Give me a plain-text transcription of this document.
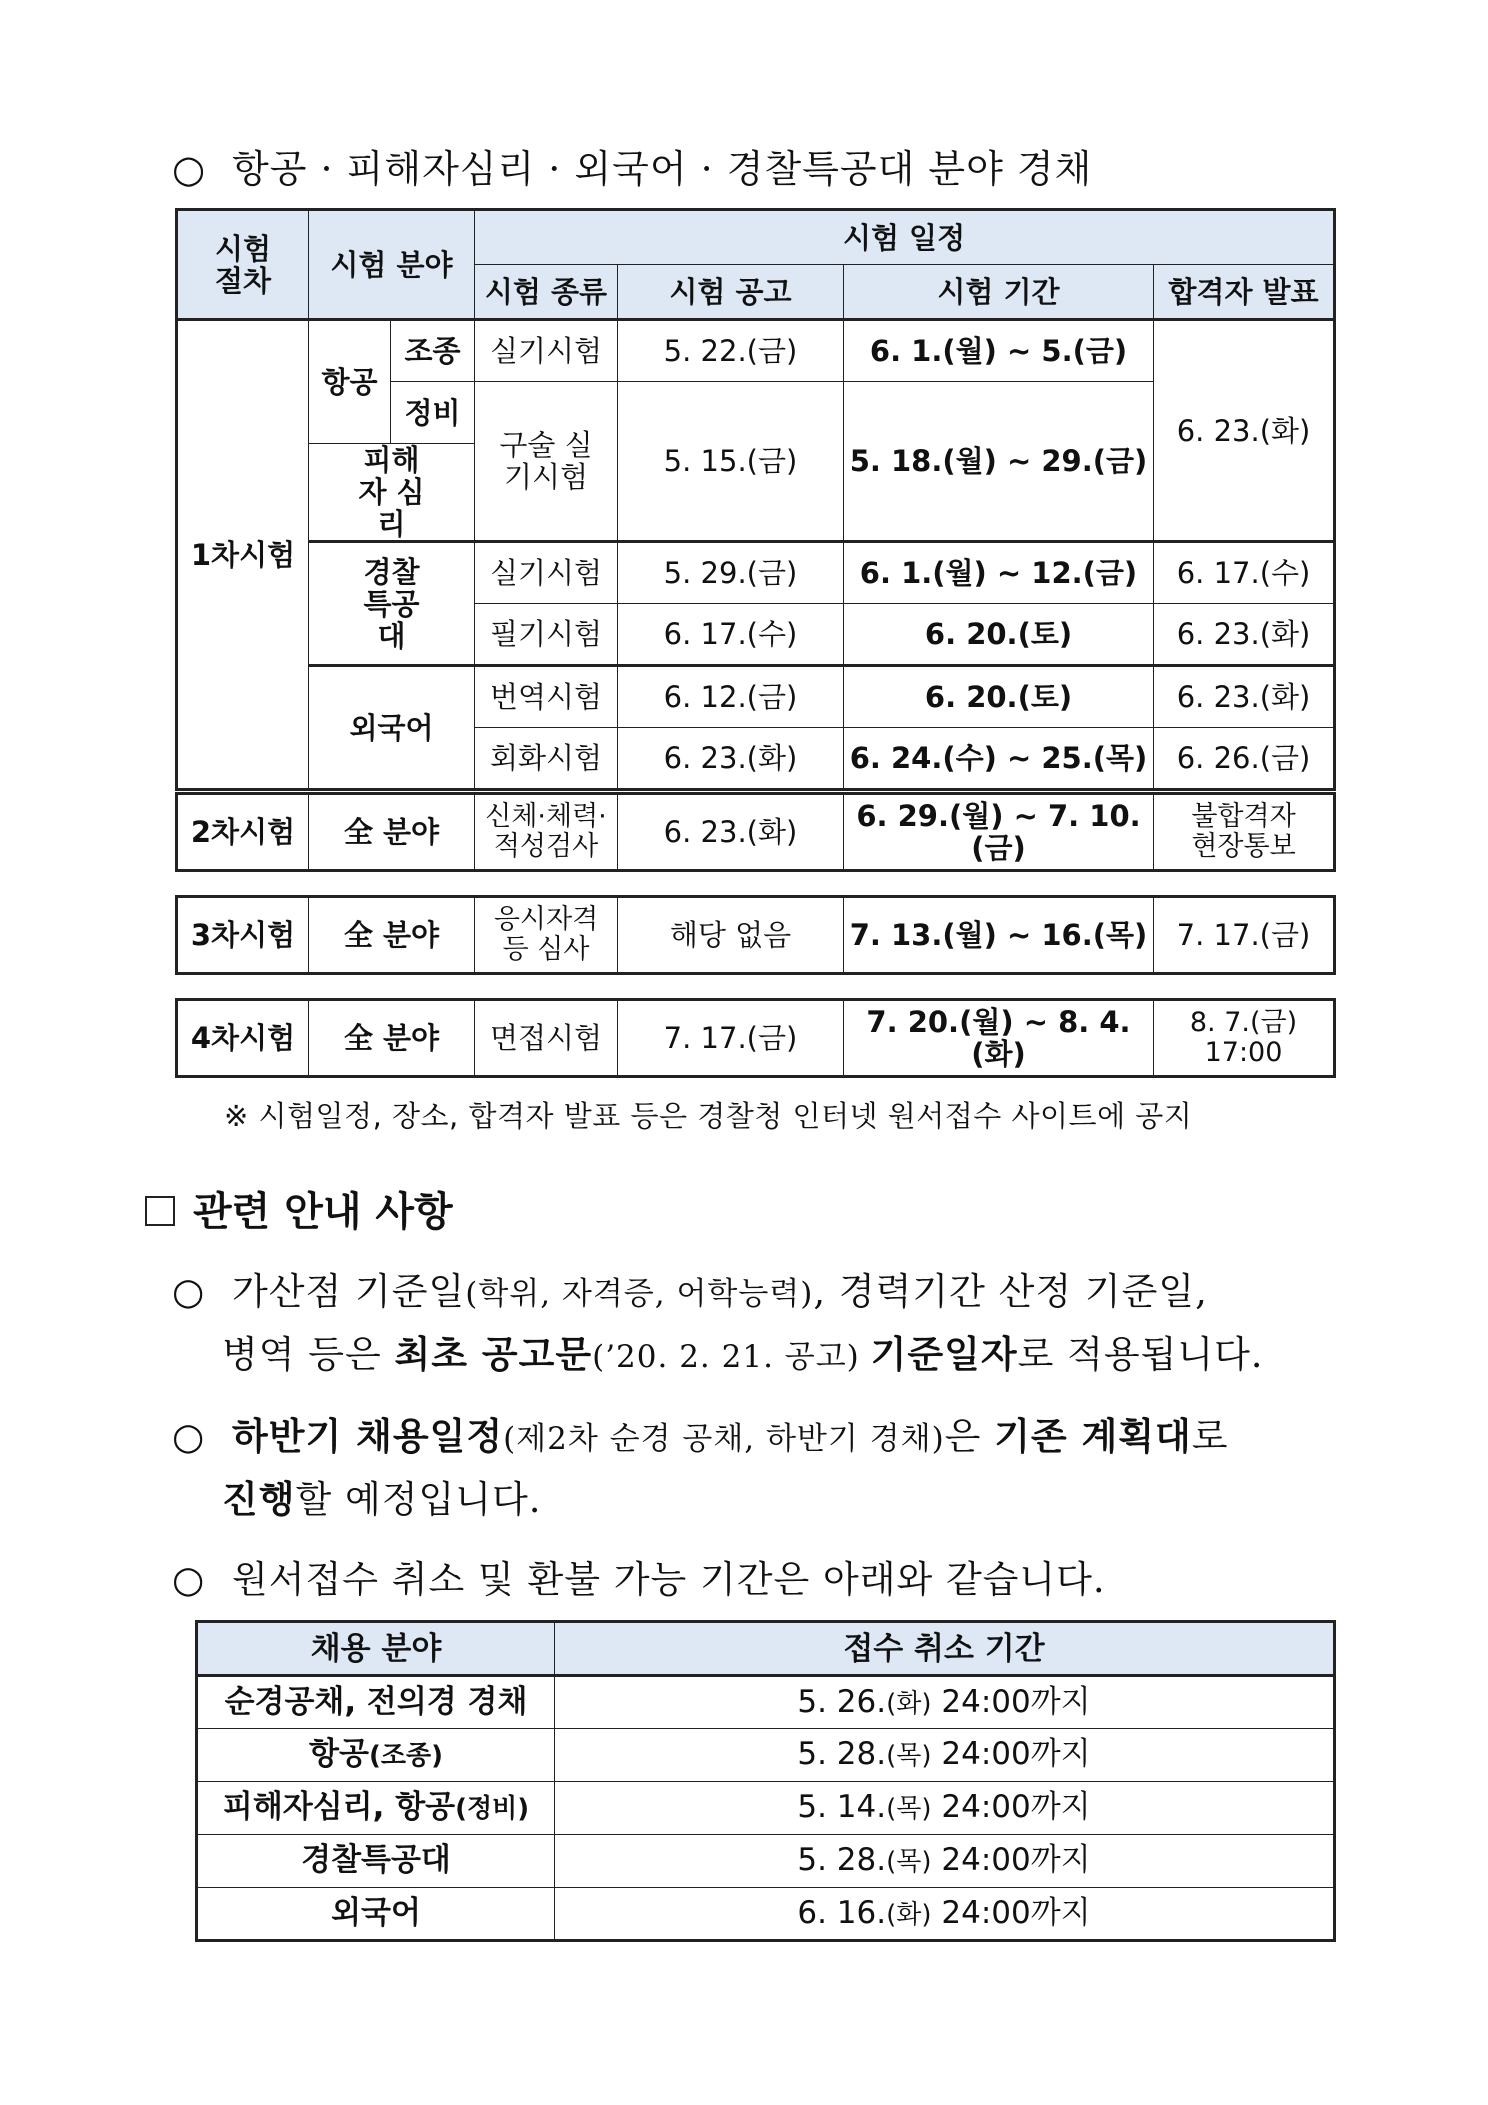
○ 항공 · 피해자심리 · 외국어 · 경찰특공대 분야 경채
시험 절차	시험 분야		시험 일정			
			시험 종류	시험 공고	시험 기간	합격자 발표
1차시험	항공	조종	실기시험	5. 22.(금)	6. 1.(월) ~ 5.(금)	6. 23.(화)
		정비	구술 실기시험	5. 15.(금)	5. 18.(월) ~ 29.(금)	
	피해자 심리					
	경찰 특공대		실기시험	5. 29.(금)	6. 1.(월) ~ 12.(금)	6. 17.(수)
			필기시험	6. 17.(수)	6. 20.(토)	6. 23.(화)
	외국어		번역시험	6. 12.(금)	6. 20.(토)	6. 23.(화)
			회화시험	6. 23.(화)	6. 24.(수) ~ 25.(목)	6. 26.(금)
2차시험	全 분야	신체·체력· 적성검사	6. 23.(화)	6. 29.(월) ~ 7. 10.(금)	불합격자 현장통보
3차시험	全 분야	응시자격 등 심사	해당 없음	7. 13.(월) ~ 16.(목)	7. 17.(금)
4차시험	全 분야	면접시험	7. 17.(금)	7. 20.(월) ~ 8. 4.(화)	8. 7.(금) 17:00
※ 시험일정, 장소, 합격자 발표 등은 경찰청 인터넷 원서접수 사이트에 공지
관련 안내 사항
○ 가산점 기준일(학위, 자격증, 어학능력), 경력기간 산정 기준일,
병역 등은 최초 공고문(’20. 2. 21. 공고) 기준일자로 적용됩니다.
○ 하반기 채용일정(제2차 순경 공채, 하반기 경채)은 기존 계획대로
진행할 예정입니다.
○ 원서접수 취소 및 환불 가능 기간은 아래와 같습니다.
채용 분야	접수 취소 기간
순경공채, 전의경 경채	5. 26.(화) 24:00까지
항공(조종)	5. 28.(목) 24:00까지
피해자심리, 항공(정비)	5. 14.(목) 24:00까지
경찰특공대	5. 28.(목) 24:00까지
외국어	6. 16.(화) 24:00까지
